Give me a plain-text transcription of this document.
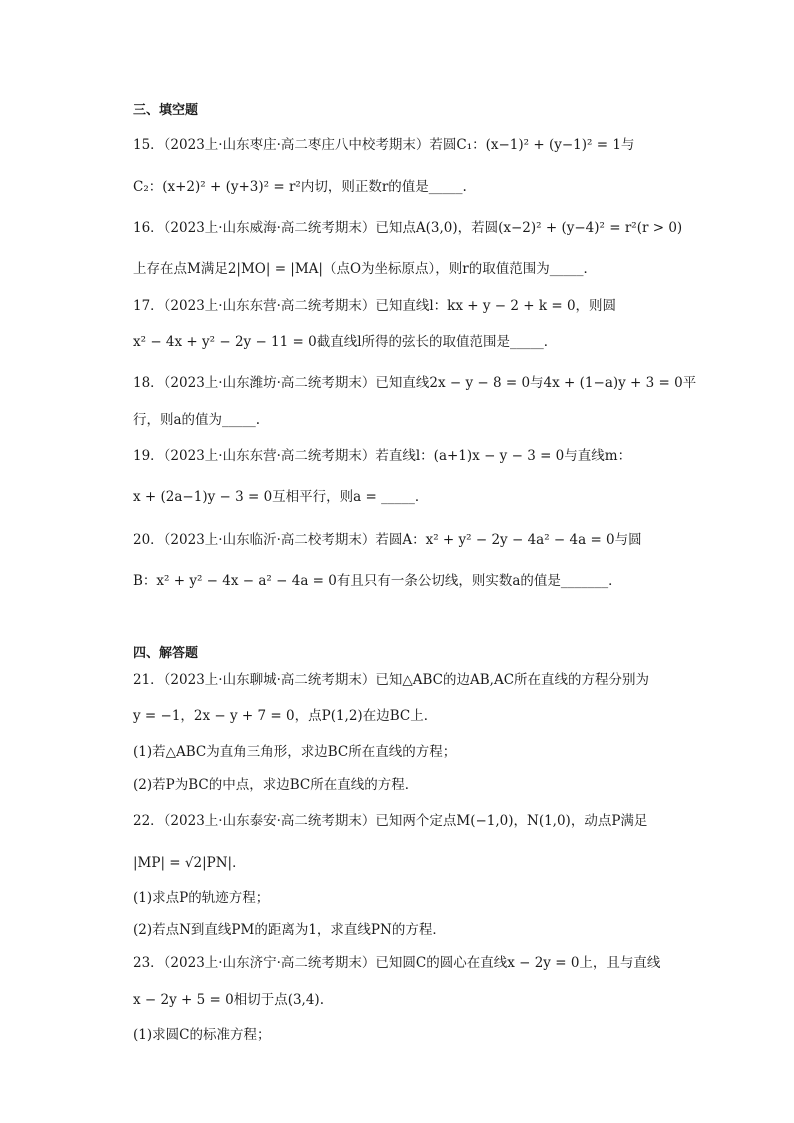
三、填空题
15．（2023上·山东枣庄·高二枣庄八中校考期末）若圆C₁：(x−1)² + (y−1)² = 1与
C₂：(x+2)² + (y+3)² = r²内切，则正数r的值是_____.
16．（2023上·山东威海·高二统考期末）已知点A(3,0)，若圆(x−2)² + (y−4)² = r²(r > 0)
上存在点M满足2|MO| = |MA|（点O为坐标原点），则r的取值范围为_____．
17．（2023上·山东东营·高二统考期末）已知直线l：kx + y − 2 + k = 0，则圆
x² − 4x + y² − 2y − 11 = 0截直线l所得的弦长的取值范围是_____．
18．（2023上·山东潍坊·高二统考期末）已知直线2x − y − 8 = 0与4x + (1−a)y + 3 = 0平
行，则a的值为_____.
19．（2023上·山东东营·高二统考期末）若直线l：(a+1)x − y − 3 = 0与直线m：
x + (2a−1)y − 3 = 0互相平行，则a = _____．
20．（2023上·山东临沂·高二校考期末）若圆A：x² + y² − 2y − 4a² − 4a = 0与圆
B：x² + y² − 4x − a² − 4a = 0有且只有一条公切线，则实数a的值是_______．
四、解答题
21．（2023上·山东聊城·高二统考期末）已知△ABC的边AB,AC所在直线的方程分别为
y = −1，2x − y + 7 = 0，点P(1,2)在边BC上．
(1)若△ABC为直角三角形，求边BC所在直线的方程；
(2)若P为BC的中点，求边BC所在直线的方程．
22．（2023上·山东泰安·高二统考期末）已知两个定点M(−1,0)，N(1,0)，动点P满足
|MP| = √2|PN|．
(1)求点P的轨迹方程；
(2)若点N到直线PM的距离为1，求直线PN的方程．
23．（2023上·山东济宁·高二统考期末）已知圆C的圆心在直线x − 2y = 0上，且与直线
x − 2y + 5 = 0相切于点(3,4).
(1)求圆C的标准方程；
